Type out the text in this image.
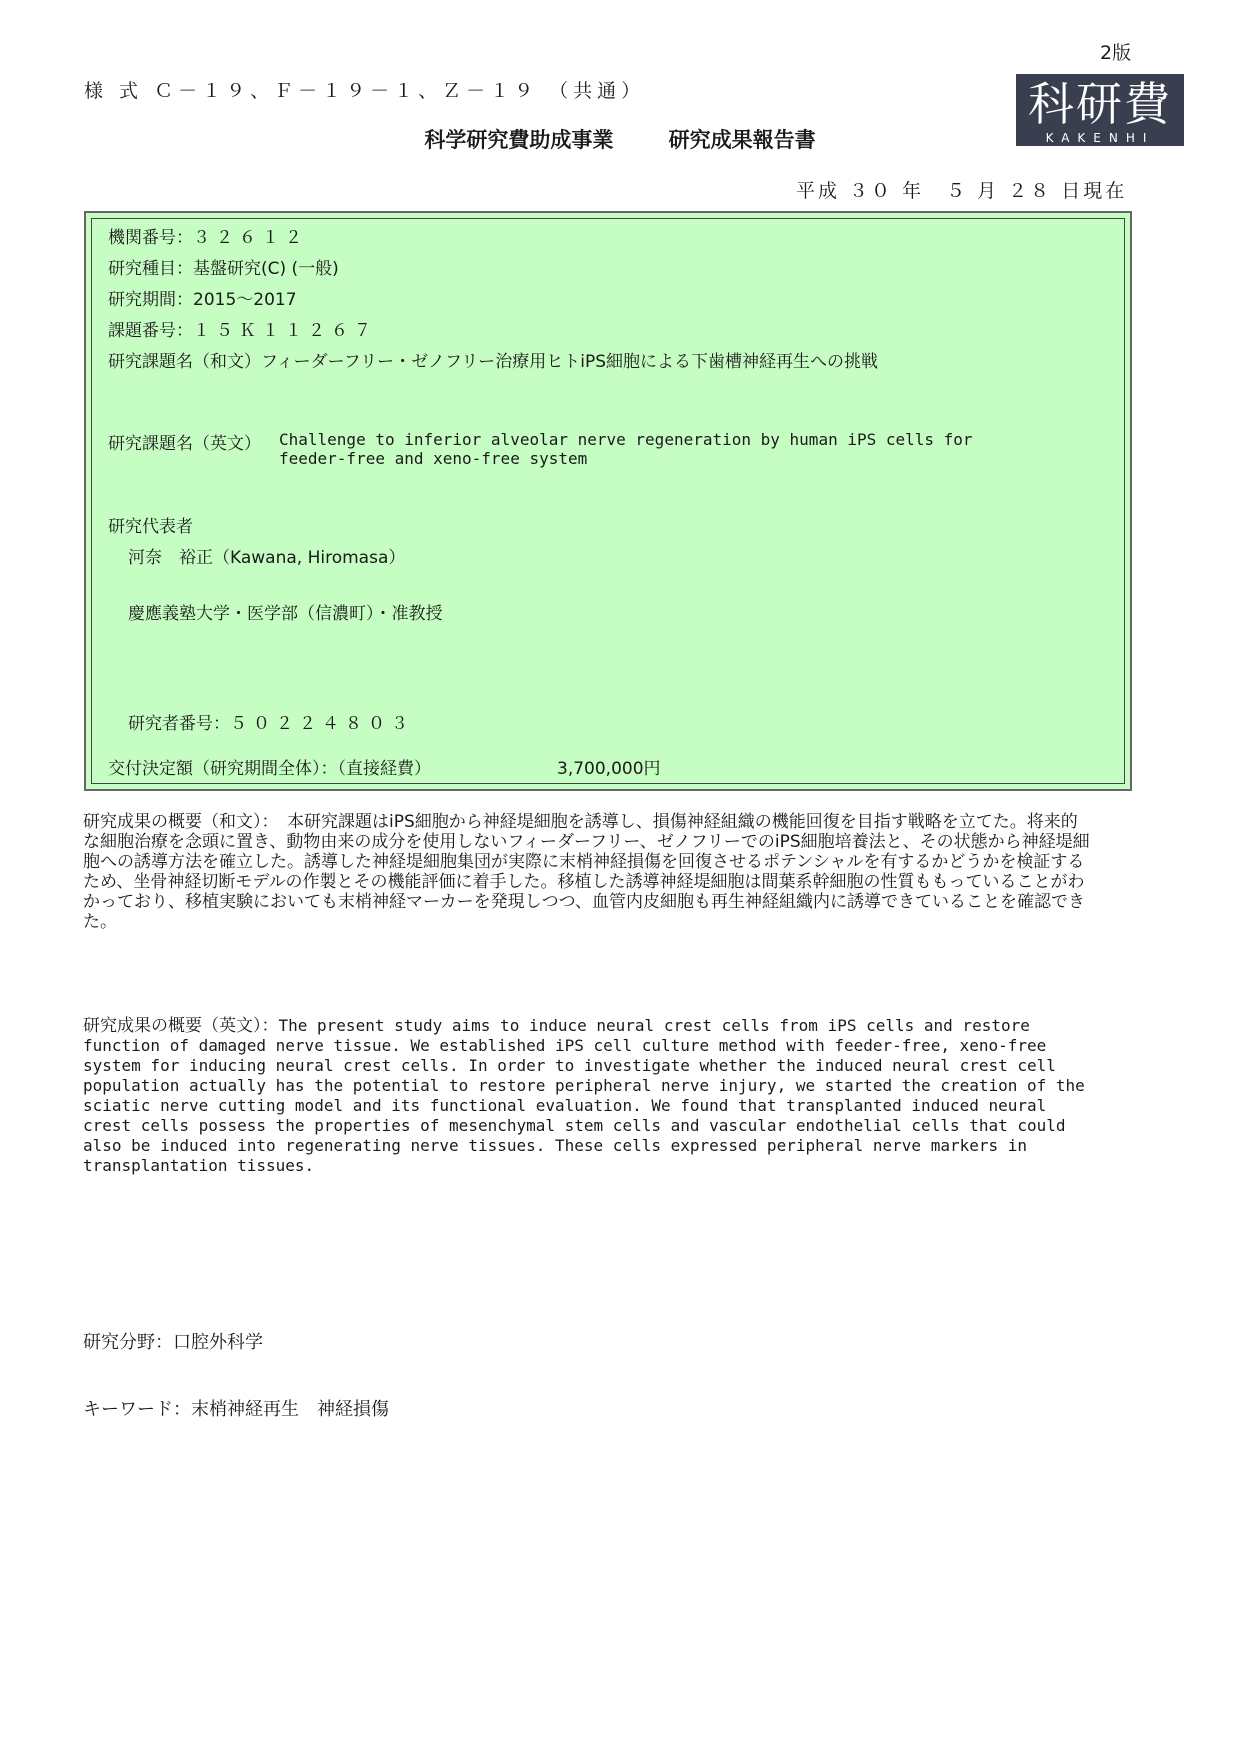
2版
様 式 Ｃ－１９、Ｆ－１９－１、Ｚ－１９ （共通）	科研費
KAKENHI
科学研究費助成事業	研究成果報告書
平成 ３０ 年　５ 月 ２８ 日現在
機関番号：３２６１２
研究種目：基盤研究(C) (一般)
研究期間：2015～2017
課題番号：１５Ｋ１１２６７
研究課題名（和文）フィーダーフリー・ゼノフリー治療用ヒトiPS細胞による下歯槽神経再生への挑戦
研究課題名（英文） Challenge to inferior alveolar nerve regeneration by human iPS cells for
feeder-free and xeno-free system
研究代表者
河奈　裕正（Kawana, Hiromasa）
慶應義塾大学・医学部（信濃町）・准教授
研究者番号：５０２２４８０３
交付決定額（研究期間全体）：（直接経費）	3,700,000円
研究成果の概要（和文）：　 本研究課題はiPS細胞から神経堤細胞を誘導し、損傷神経組織の機能回復を目指す戦略を立てた。将来的な細胞治療を念頭に置き、動物由来の成分を使用しないフィーダーフリー、ゼノフリーでのiPS細胞培養法と、その状態から神経堤細胞への誘導方法を確立した。誘導した神経堤細胞集団が実際に末梢神経損傷を回復させるポテンシャルを有するかどうかを検証するため、坐骨神経切断モデルの作製とその機能評価に着手した。移植した誘導神経堤細胞は間葉系幹細胞の性質ももっていることがわかっており、移植実験においても末梢神経マーカーを発現しつつ、血管内皮細胞も再生神経組織内に誘導できていることを確認できた。
研究成果の概要（英文）：The present study aims to induce neural crest cells from iPS cells and restore function of damaged nerve tissue. We established iPS cell culture method with feeder-free, xeno-free system for inducing neural crest cells. In order to investigate whether the induced neural crest cell population actually has the potential to restore peripheral nerve injury, we started the creation of the sciatic nerve cutting model and its functional evaluation. We found that transplanted induced neural crest cells possess the properties of mesenchymal stem cells and vascular endothelial cells that could also be induced into regenerating nerve tissues. These cells expressed peripheral nerve markers in transplantation tissues.
研究分野：口腔外科学
キーワード：末梢神経再生　神経損傷
